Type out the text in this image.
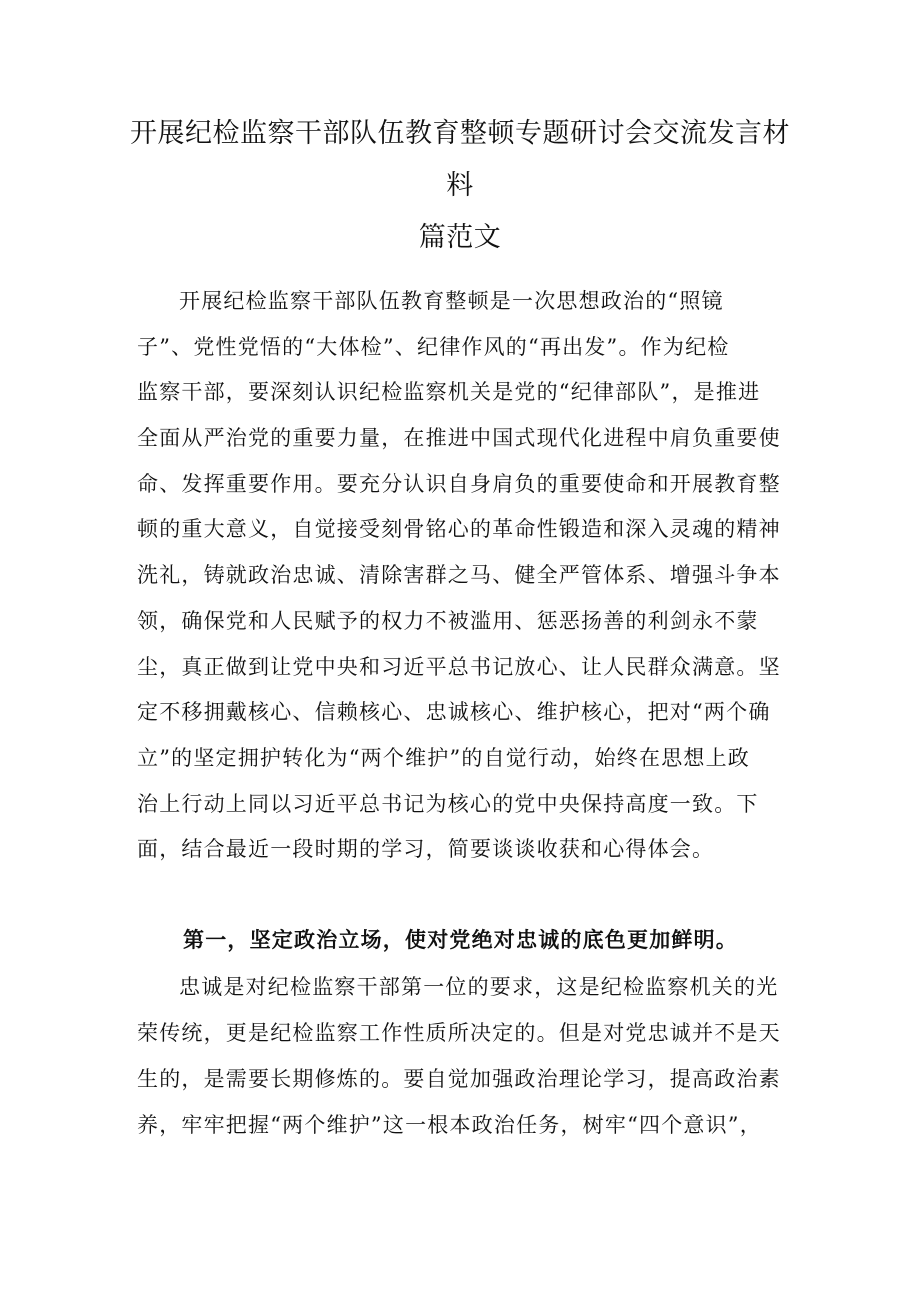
开展纪检监察干部队伍教育整顿专题研讨会交流发言材料
篇范文
开展纪检监察干部队伍教育整顿是一次思想政治的“照镜
子”、党性党悟的“大体检”、纪律作风的“再出发”。作为纪检
监察干部，要深刻认识纪检监察机关是党的“纪律部队”，是推进
全面从严治党的重要力量，在推进中国式现代化进程中肩负重要使
命、发挥重要作用。要充分认识自身肩负的重要使命和开展教育整
顿的重大意义，自觉接受刻骨铭心的革命性锻造和深入灵魂的精神
洗礼，铸就政治忠诚、清除害群之马、健全严管体系、增强斗争本
领，确保党和人民赋予的权力不被滥用、惩恶扬善的利剑永不蒙
尘，真正做到让党中央和习近平总书记放心、让人民群众满意。坚
定不移拥戴核心、信赖核心、忠诚核心、维护核心，把对“两个确
立”的坚定拥护转化为“两个维护”的自觉行动，始终在思想上政
治上行动上同以习近平总书记为核心的党中央保持高度一致。下
面，结合最近一段时期的学习，简要谈谈收获和心得体会。
第一，坚定政治立场，使对党绝对忠诚的底色更加鲜明。
忠诚是对纪检监察干部第一位的要求，这是纪检监察机关的光
荣传统，更是纪检监察工作性质所决定的。但是对党忠诚并不是天
生的，是需要长期修炼的。要自觉加强政治理论学习，提高政治素
养，牢牢把握“两个维护”这一根本政治任务，树牢“四个意识”，
